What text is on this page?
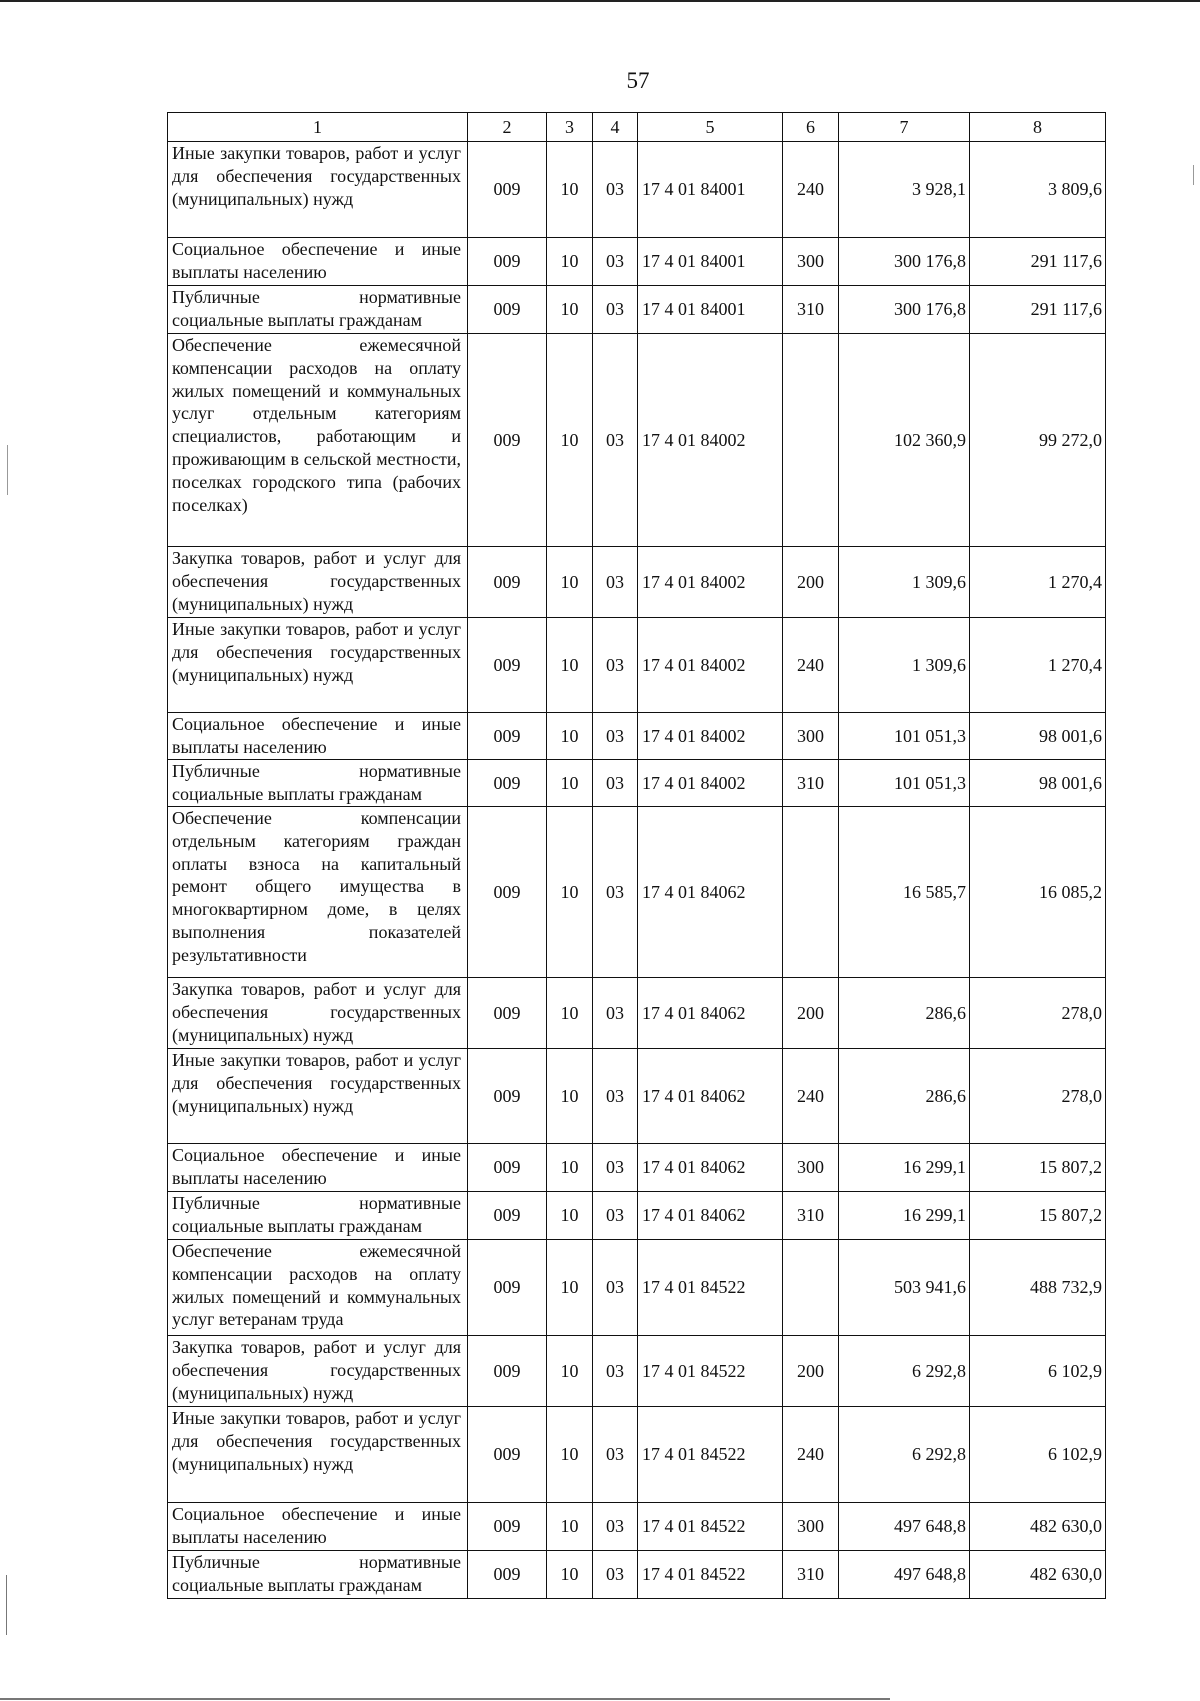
57
1	2	3	4	5	6	7	8
Иные закупки товаров, работ и услуг для обеспечения государственных (муниципальных) нужд	009	10	03	17 4 01 84001	240	3 928,1	3 809,6
Социальное обеспечение и иные выплаты населению	009	10	03	17 4 01 84001	300	300 176,8	291 117,6
Публичные нормативные социальные выплаты гражданам	009	10	03	17 4 01 84001	310	300 176,8	291 117,6
Обеспечение ежемесячной компенсации расходов на оплату жилых помещений и коммунальных услуг отдельным категориям специалистов, работающим и проживающим в сельской местности, поселках городского типа (рабочих поселках)	009	10	03	17 4 01 84002		102 360,9	99 272,0
Закупка товаров, работ и услуг для обеспечения государственных (муниципальных) нужд	009	10	03	17 4 01 84002	200	1 309,6	1 270,4
Иные закупки товаров, работ и услуг для обеспечения государственных (муниципальных) нужд	009	10	03	17 4 01 84002	240	1 309,6	1 270,4
Социальное обеспечение и иные выплаты населению	009	10	03	17 4 01 84002	300	101 051,3	98 001,6
Публичные нормативные социальные выплаты гражданам	009	10	03	17 4 01 84002	310	101 051,3	98 001,6
Обеспечение компенсации отдельным категориям граждан оплаты взноса на капитальный ремонт общего имущества в многоквартирном доме, в целях выполнения показателей результативности	009	10	03	17 4 01 84062		16 585,7	16 085,2
Закупка товаров, работ и услуг для обеспечения государственных (муниципальных) нужд	009	10	03	17 4 01 84062	200	286,6	278,0
Иные закупки товаров, работ и услуг для обеспечения государственных (муниципальных) нужд	009	10	03	17 4 01 84062	240	286,6	278,0
Социальное обеспечение и иные выплаты населению	009	10	03	17 4 01 84062	300	16 299,1	15 807,2
Публичные нормативные социальные выплаты гражданам	009	10	03	17 4 01 84062	310	16 299,1	15 807,2
Обеспечение ежемесячной компенсации расходов на оплату жилых помещений и коммунальных услуг ветеранам труда	009	10	03	17 4 01 84522		503 941,6	488 732,9
Закупка товаров, работ и услуг для обеспечения государственных (муниципальных) нужд	009	10	03	17 4 01 84522	200	6 292,8	6 102,9
Иные закупки товаров, работ и услуг для обеспечения государственных (муниципальных) нужд	009	10	03	17 4 01 84522	240	6 292,8	6 102,9
Социальное обеспечение и иные выплаты населению	009	10	03	17 4 01 84522	300	497 648,8	482 630,0
Публичные нормативные социальные выплаты гражданам	009	10	03	17 4 01 84522	310	497 648,8	482 630,0
